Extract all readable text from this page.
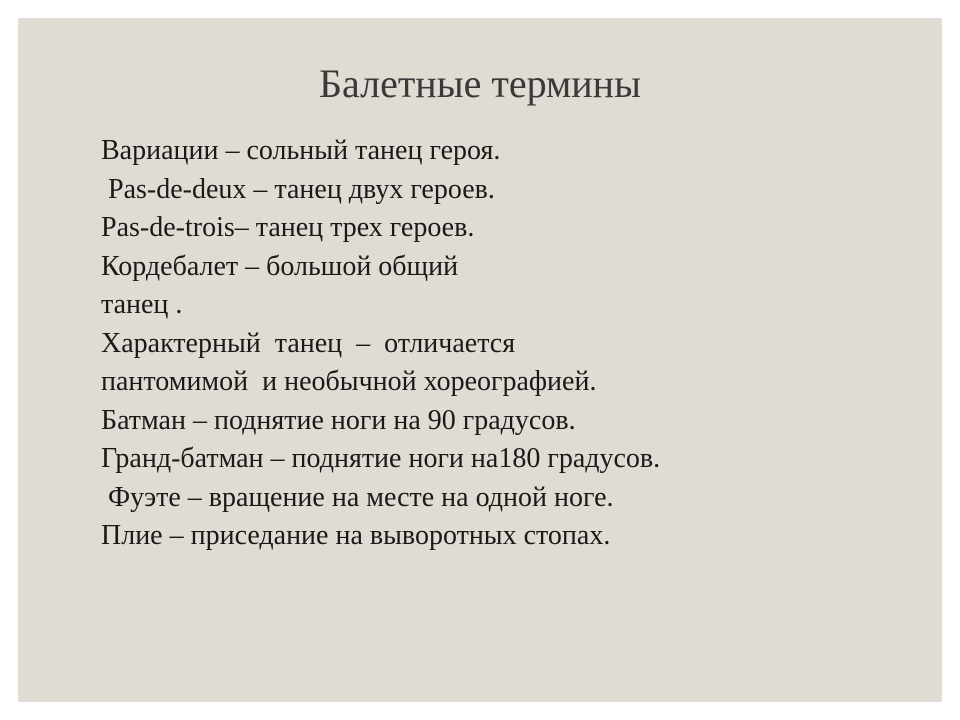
Балетные термины
Вариации – сольный танец героя.
Pas-de-deux – танец двух героев.
Pas-de-trois– танец трех героев.
Кордебалет – большой общий
танец .
Характерный  танец  –  отличается
пантомимой  и необычной хореографией.
Батман – поднятие ноги на 90 градусов.
Гранд-батман – поднятие ноги на180 градусов.
Фуэте – вращение на месте на одной ноге.
Плие – приседание на выворотных стопах.
